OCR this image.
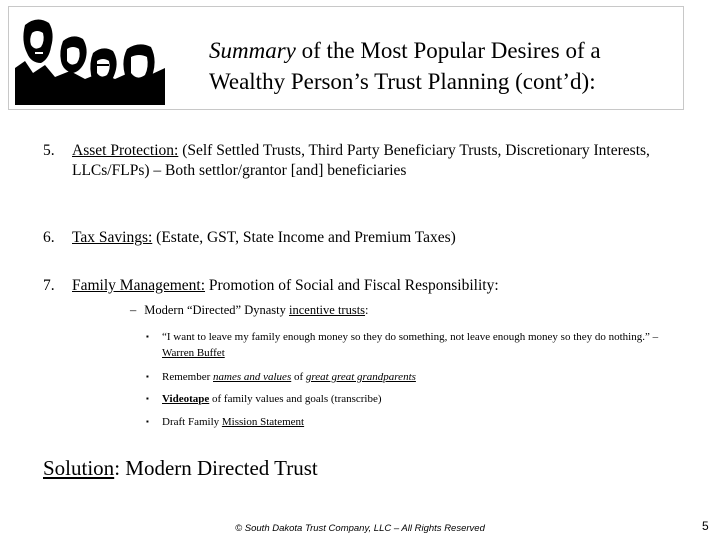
Summary of the Most Popular Desires of a
Wealthy Person’s Trust Planning (cont’d):
5. Asset Protection: (Self Settled Trusts, Third Party Beneficiary Trusts, Discretionary Interests, LLCs/FLPs) – Both settlor/grantor [and] beneficiaries
6. Tax Savings: (Estate, GST, State Income and Premium Taxes)
7. Family Management: Promotion of Social and Fiscal Responsibility:
– Modern “Directed” Dynasty incentive trusts:
▪ “I want to leave my family enough money so they do something, not leave enough money so they do nothing.” – Warren Buffet
▪ Remember names and values of great great grandparents
▪ Videotape of family values and goals (transcribe)
▪ Draft Family Mission Statement
Solution: Modern Directed Trust
© South Dakota Trust Company, LLC – All Rights Reserved	5
